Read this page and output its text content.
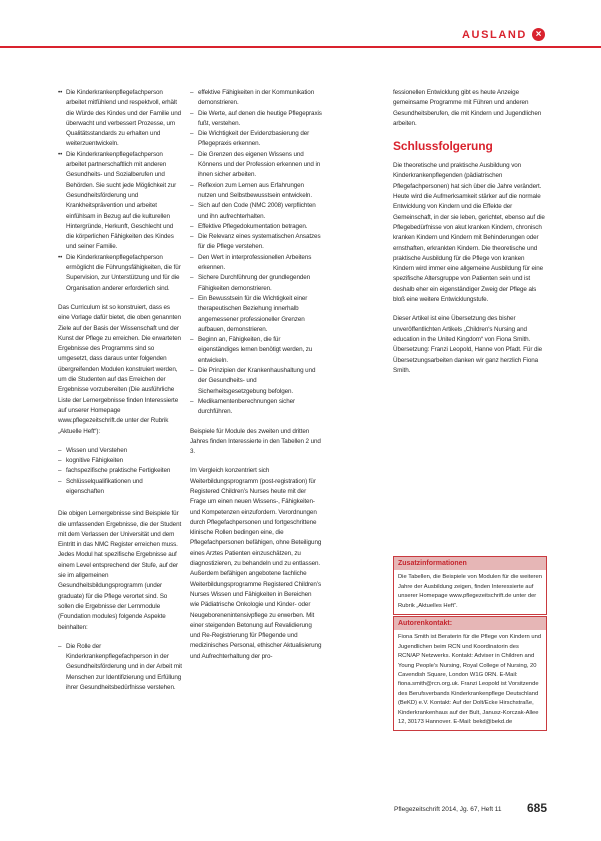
AUSLAND ×
•• Die Kinderkrankenpflegefachperson arbeitet mitfühlend und respektvoll, erhält die Würde des Kindes und der Familie und überwacht und verbessert Prozesse, um Qualitätsstandards zu erhalten und weiterzuentwickeln.
•• Die Kinderkrankenpflegefachperson arbeitet partnerschaftlich mit anderen Gesundheits- und Sozialberufen und Behörden. Sie sucht jede Möglichkeit zur Gesundheitsförderung und Krankheitsprävention und arbeitet einfühlsam in Bezug auf die kulturellen Hintergründe, Herkunft, Geschlecht und die körperlichen Fähigkeiten des Kindes und seiner Familie.
•• Die Kinderkrankenpflegefachperson ermöglicht die Führungsfähigkeiten, die für Supervision, zur Unterstützung und für die Organisation anderer erforderlich sind.

Das Curriculum ist so konstruiert, dass es eine Vorlage dafür bietet, die oben genannten Ziele auf der Basis der Wissenschaft und der Kunst der Pflege zu erreichen. Die erwarteten Ergebnisse des Programms sind so umgesetzt, dass daraus unter folgenden übergreifenden Modulen konstruiert werden, um die Studenten auf das Erreichen der Ergebnisse vorzubereiten (Die ausführliche Liste der Lernergebnisse finden Interessierte auf unserer Homepage www.pflegezeitschrift.de unter der Rubrik „Aktuelle Heft“):

– Wissen und Verstehen
– kognitive Fähigkeiten
– fachspezifische praktische Fertigkeiten
– Schlüsselqualifikationen und eigenschaften

Die obigen Lernergebnisse sind Beispiele für die umfassenden Ergebnisse, die der Student mit dem Verlassen der Universität und dem Eintritt in das NMC Register erreichen muss. Jedes Modul hat spezifische Ergebnisse auf einem Level entsprechend der Stufe, auf der sie im allgemeinen Gesundheitsbildungsprogramm (under graduate) für die Pflege verortet sind. So sollen die Ergebnisse der Lernmodule (Foundation modules) folgende Aspekte beinhalten:

– Die Rolle der Kinderkrankenpflegefachperson in der Gesundheitsförderung und in der Arbeit mit Menschen zur Identifizierung und Erfüllung ihrer Gesundheitsbedürfnisse verstehen.
– effektive Fähigkeiten in der Kommunikation demonstrieren.
– Die Werte, auf denen die heutige Pflegepraxis fußt, verstehen.
– Die Wichtigkeit der Evidenzbasierung der Pflegepraxis erkennen.
– Die Grenzen des eigenen Wissens und Könnens und der Profession erkennen und in ihnen sicher arbeiten.
– Reflexion zum Lernen aus Erfahrungen nutzen und Selbstbewusstsein entwickeln.
– Sich auf den Code (NMC 2008) verpflichten und ihn aufrechterhalten.
– Effektive Pflegedokumentation betragen.
– Die Relevanz eines systematischen Ansatzes für die Pflege verstehen.
– Den Wert in interprofessionellen Arbeitens erkennen.
– Sichere Durchführung der grundlegenden Fähigkeiten demonstrieren.
– Ein Bewusstsein für die Wichtigkeit einer therapeutischen Beziehung innerhalb angemessener professioneller Grenzen aufbauen, demonstrieren.
– Beginn an, Fähigkeiten, die für eigenständiges lernen benötigt werden, zu entwickeln.
– Die Prinzipien der Krankenhaushaltung und der Gesundheits- und Sicherheitsgesetzgebung befolgen.
– Medikamentenberechnungen sicher durchführen.

Beispiele für Module des zweiten und dritten Jahres finden Interessierte in den Tabellen 2 und 3.

Im Vergleich konzentriert sich Weiterbildungsprogramm (post-registration) für Registered Children’s Nurses heute mit der Frage um einen neuen Wissens-, Fähigkeiten- und Kompetenzen einzufordern. Verordnungen durch Pflegefachpersonen und fortgeschrittene klinische Rollen bedingen eine, die Pflegefachpersonen befähigen, ohne Beteiligung eines Arztes Patienten einzuschätzen, zu diagnostizieren, zu behandeln und zu entlassen. Außerdem befähigen angebotene fachliche Weiterbildungsprogramme Registered Children’s Nurses Wissen und Fähigkeiten in Bereichen wie Pädiatrische Onkologie und Kinder- oder Neugeborenenintensivpflege zu erwerben. Mit einer steigenden Betonung auf Revalidierung und Re-Registrierung für Pflegende und medizinisches Personal, ethischer Aktualisierung und Aufrechterhaltung der pro-

fessionellen Entwicklung gibt es heute Anzeige gemeinsame Programme mit Führen und anderen Gesundheitsberufen, die mit Kindern und Jugendlichen arbeiten.

Schlussfolgerung

Die theoretische und praktische Ausbildung von Kinderkrankenpflegenden (pädiatrischen Pflegefachpersonen) hat sich über die Jahre verändert. Heute wird die Aufmerksamkeit stärker auf die normale Entwicklung von Kindern und die Effekte der Gemeinschaft, in der sie leben, gerichtet, ebenso auf die Pflegebedürfnisse von akut kranken Kindern, chronisch kranken Kindern und Kindern mit Behinderungen oder ernsthaften, erkrankten Kindern. Die theoretische und praktische Ausbildung für die Pflege von kranken Kindern wird immer eine allgemeine Ausbildung für eine spezifische Altersgruppe von Patienten sein und ist deshalb eher ein eigenständiger Zweig der Pflege als bloß eine weitere Entwicklungstufe.

Dieser Artikel ist eine Übersetzung des bisher unveröffentlichten Artikels „Children's Nursing and education in the United Kingdom“ von Fiona Smith. Übersetzung: Franzi Leopold, Hanne von Pfadt. Für die Übersetzungsarbeiten danken wir ganz herzlich Fiona Smith.

Zusatzinformationen
Die Tabellen, die Beispiele von Modulen für die weiteren Jahre der Ausbildung zeigen, finden Interessierte auf unserer Homepage www.pflegezeitschrift.de unter der Rubrik „Aktuelles Heft“.
Autorenkontakt:
Fiona Smith ist Beraterin für die Pflege von Kindern und Jugendlichen beim RCN und Koordinatorin des RCN/AP Netzwerks. Kontakt: Adviser in Children and Young People's Nursing, Royal College of Nursing, 20 Cavendish Square, London W1G 0RN. E-Mail: fiona.smith@rcn.org.uk. Franzi Leopold ist Vorsitzende des Berufsverbands Kinderkrankenpflege Deutschland (BeKD) e.V. Kontakt: Auf der Dolt/Ecke Hirschstraße, Kinderkrankenhaus auf der Bult, Janusz-Korczak-Allee 12, 30173 Hannover. E-Mail: bekd@bekd.de
Pflegezeitschrift 2014, Jg. 67, Heft 11 685
